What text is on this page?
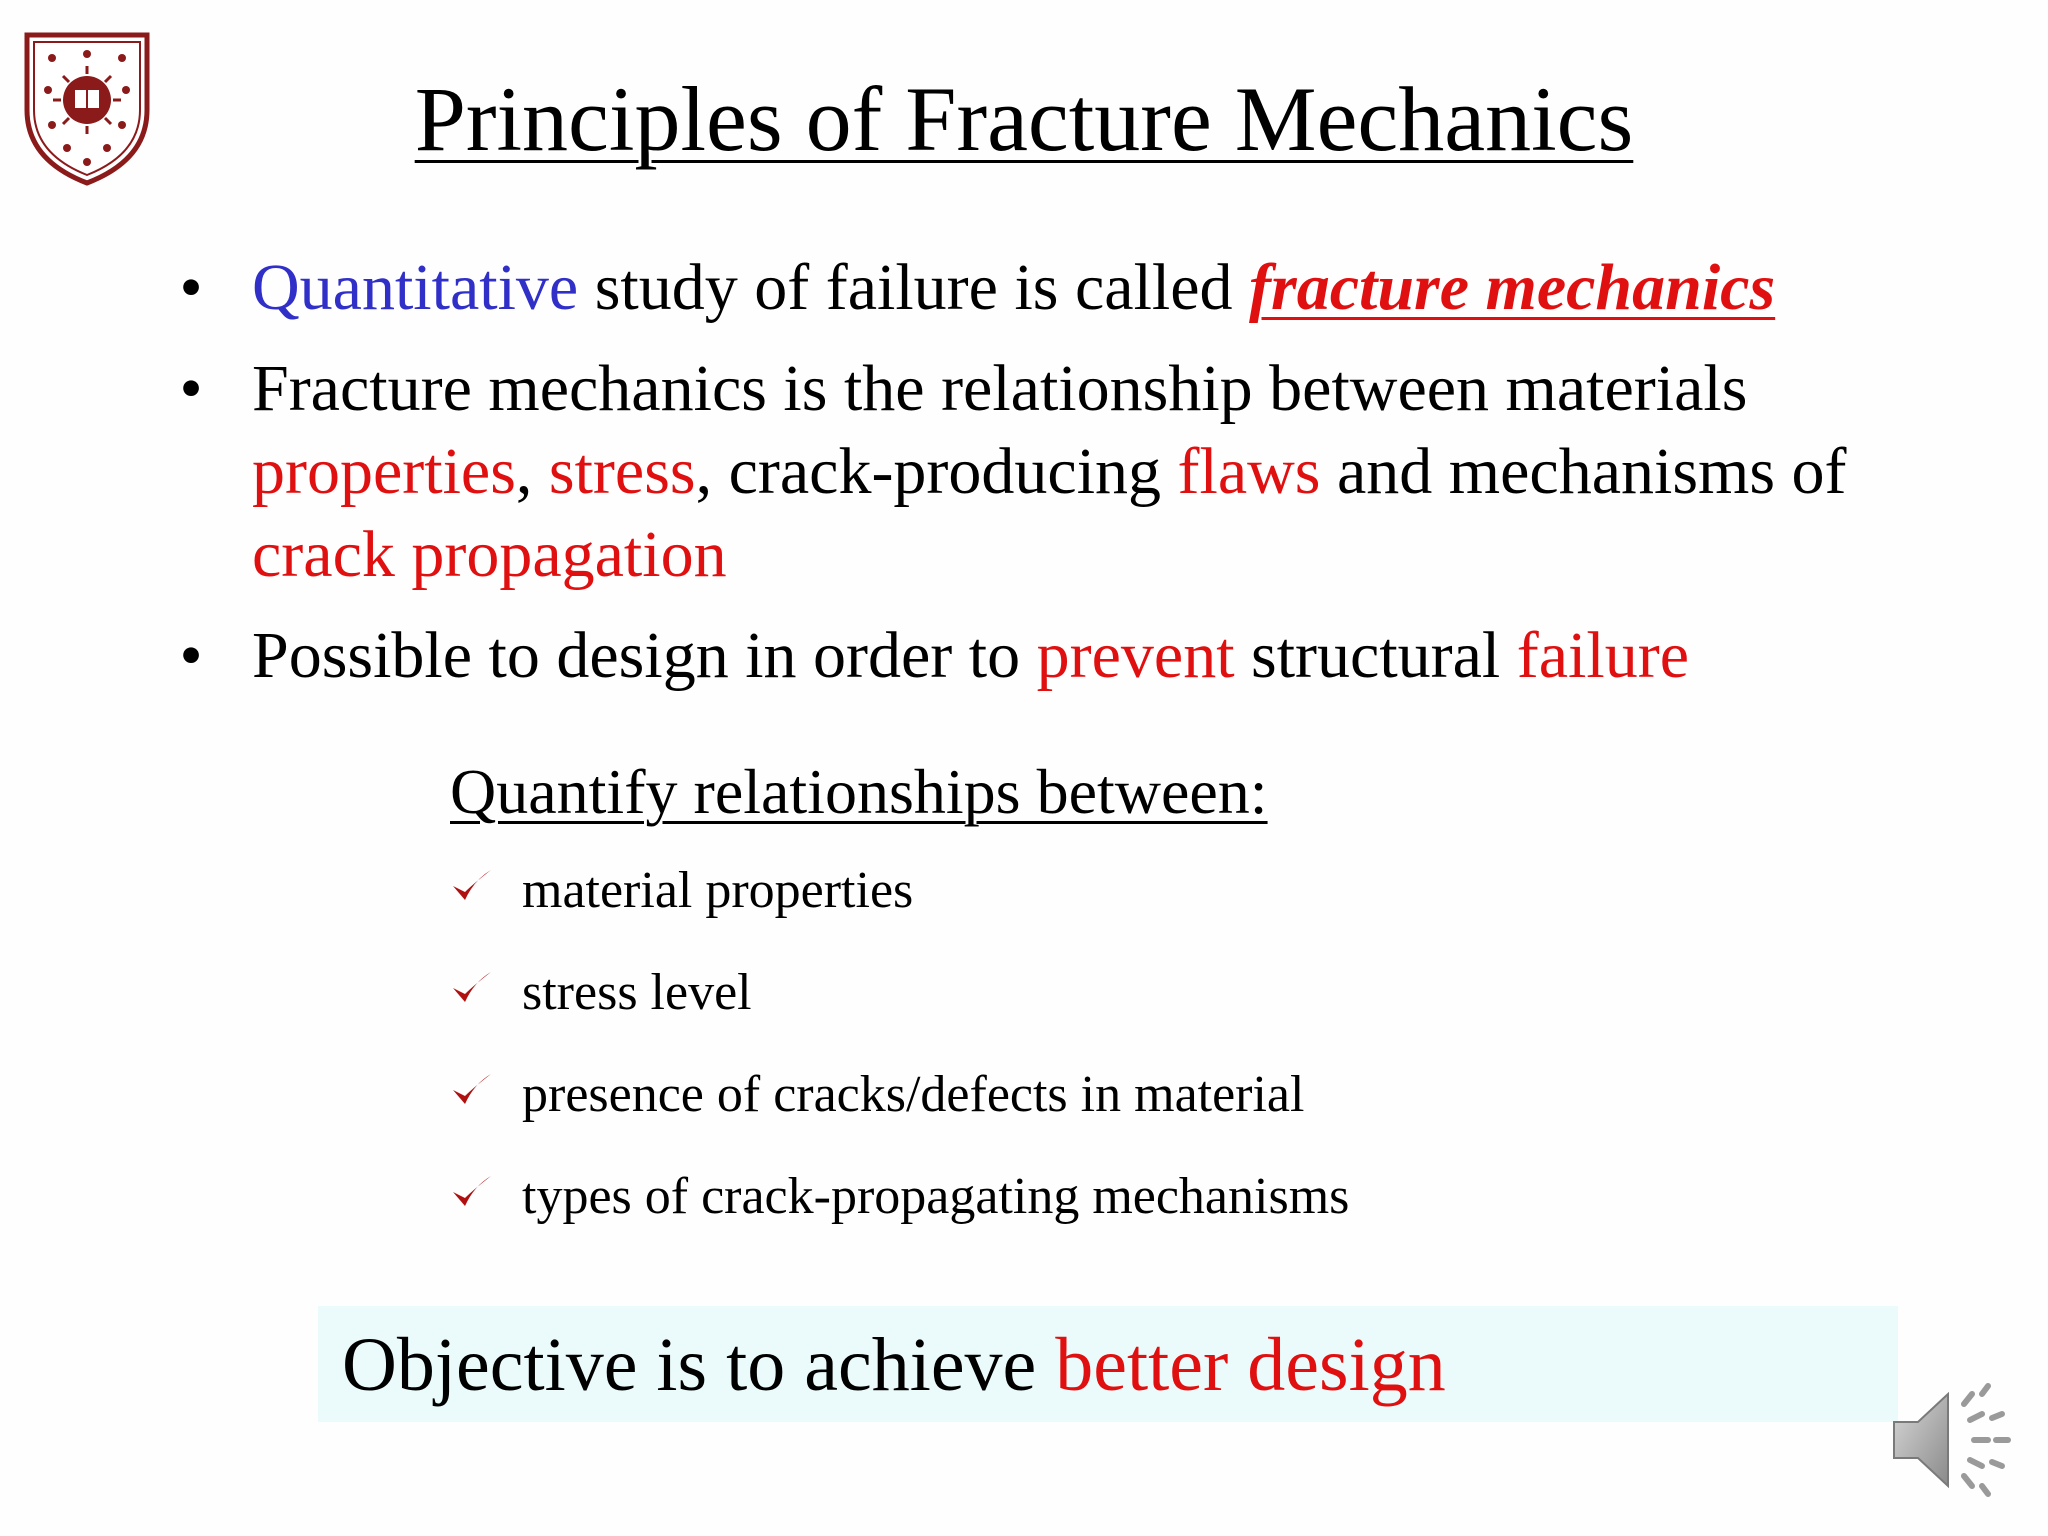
Principles of Fracture Mechanics
• Quantitative study of failure is called fracture mechanics
• Fracture mechanics is the relationship between materials properties, stress, crack-producing flaws and mechanisms of crack propagation
• Possible to design in order to prevent structural failure
Quantify relationships between:
material properties
stress level
presence of cracks/defects in material
types of crack-propagating mechanisms
Objective is to achieve better design
